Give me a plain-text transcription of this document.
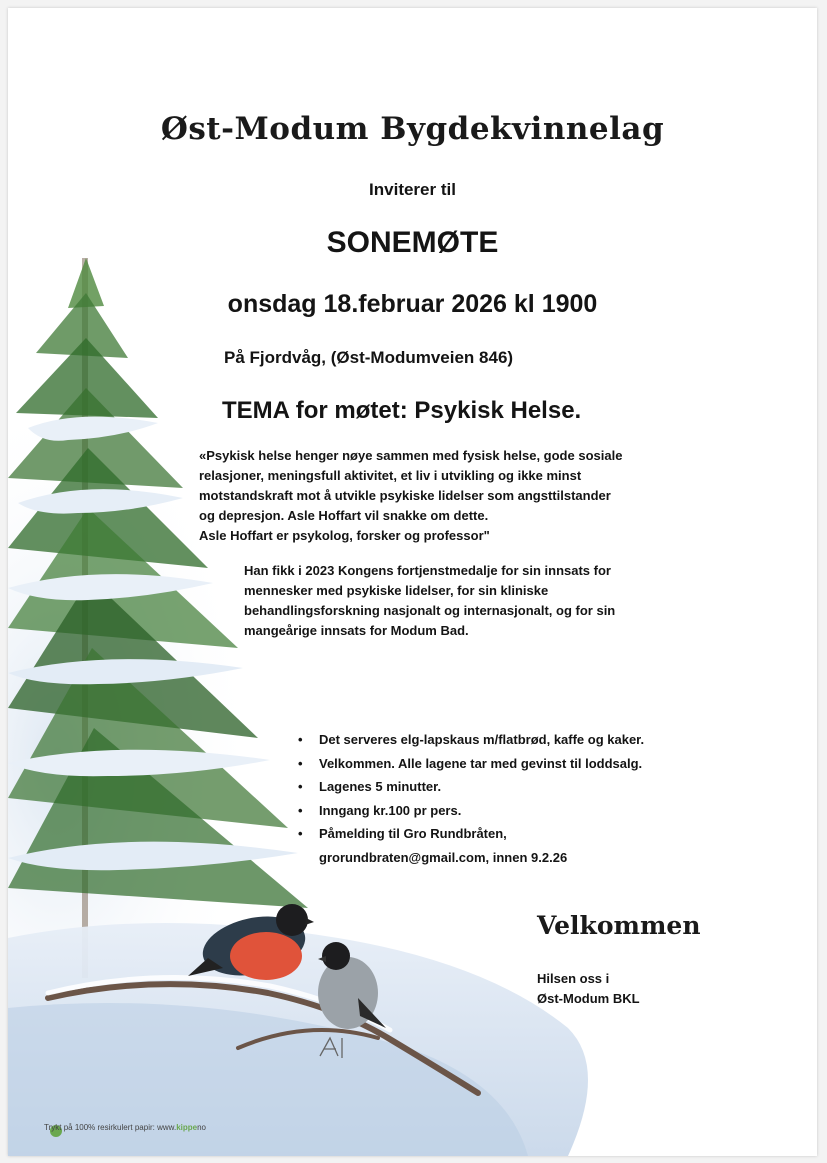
Øst-Modum Bygdekvinnelag
Inviterer til
SONEMØTE
onsdag 18.februar 2026 kl 1900
På Fjordvåg, (Øst-Modumveien 846)
TEMA for møtet: Psykisk Helse.
«Psykisk helse henger nøye sammen med fysisk helse, gode sosiale
relasjoner, meningsfull aktivitet, et liv i utvikling og ikke minst
motstandskraft mot å utvikle psykiske lidelser som angsttilstander
og depresjon. Asle Hoffart vil snakke om dette.
Asle Hoffart er psykolog, forsker og professor"
Han fikk i 2023 Kongens fortjenstmedalje for sin innsats for
mennesker med psykiske lidelser, for sin kliniske
behandlingsforskning nasjonalt og internasjonalt, og for sin
mangeårige innsats for Modum Bad.
• Det serveres elg-lapskaus m/flatbrød, kaffe og kaker.
• Velkommen. Alle lagene tar med gevinst til loddsalg.
• Lagenes 5 minutter.
• Inngang kr.100 pr pers.
• Påmelding til Gro Rundbråten,
grorundbraten@gmail.com, innen 9.2.26
Velkommen
Hilsen oss i
Øst-Modum BKL
Trykt på 100% resirkulert papir: www.kippeno
